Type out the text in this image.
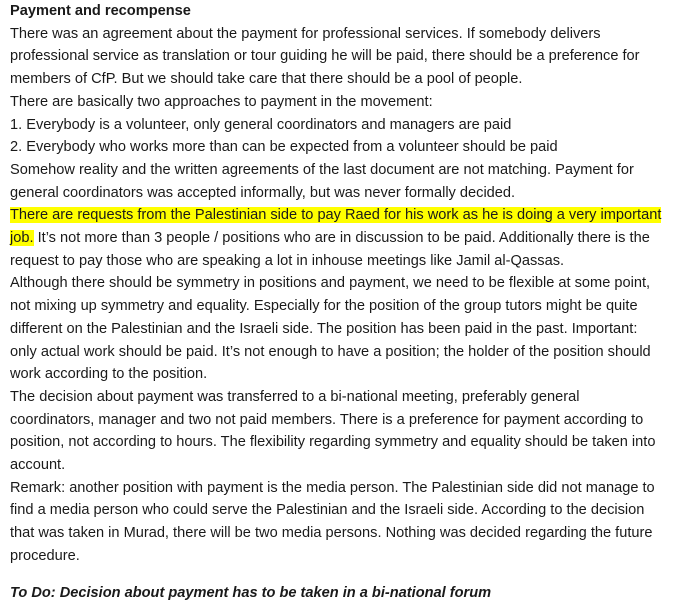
Payment and recompense
There was an agreement about the payment for professional services. If somebody delivers
professional service as translation or tour guiding he will be paid, there should be a preference for
members of CfP. But we should take care that there should be a pool of people.
There are basically two approaches to payment in the movement:
1. Everybody is a volunteer, only general coordinators and managers are paid
2. Everybody who works more than can be expected from a volunteer should be paid
Somehow reality and the written agreements of the last document are not matching. Payment for
general coordinators was accepted informally, but was never formally decided.
There are requests from the Palestinian side to pay Raed for his work as he is doing a very important
job. It’s not more than 3 people / positions who are in discussion to be paid. Additionally there is the
request to pay those who are speaking a lot in inhouse meetings like Jamil al-Qassas.
Although there should be symmetry in positions and payment, we need to be flexible at some point,
not mixing up symmetry and equality. Especially for the position of the group tutors might be quite
different on the Palestinian and the Israeli side. The position has been paid in the past. Important:
only actual work should be paid. It’s not enough to have a position; the holder of the position should
work according to the position.
The decision about payment was transferred to a bi-national meeting, preferably general
coordinators, manager and two not paid members. There is a preference for payment according to
position, not according to hours. The flexibility regarding symmetry and equality should be taken into
account.
Remark: another position with payment is the media person. The Palestinian side did not manage to
find a media person who could serve the Palestinian and the Israeli side. According to the decision
that was taken in Murad, there will be two media persons. Nothing was decided regarding the future
procedure.
To Do: Decision about payment has to be taken in a bi-national forum
